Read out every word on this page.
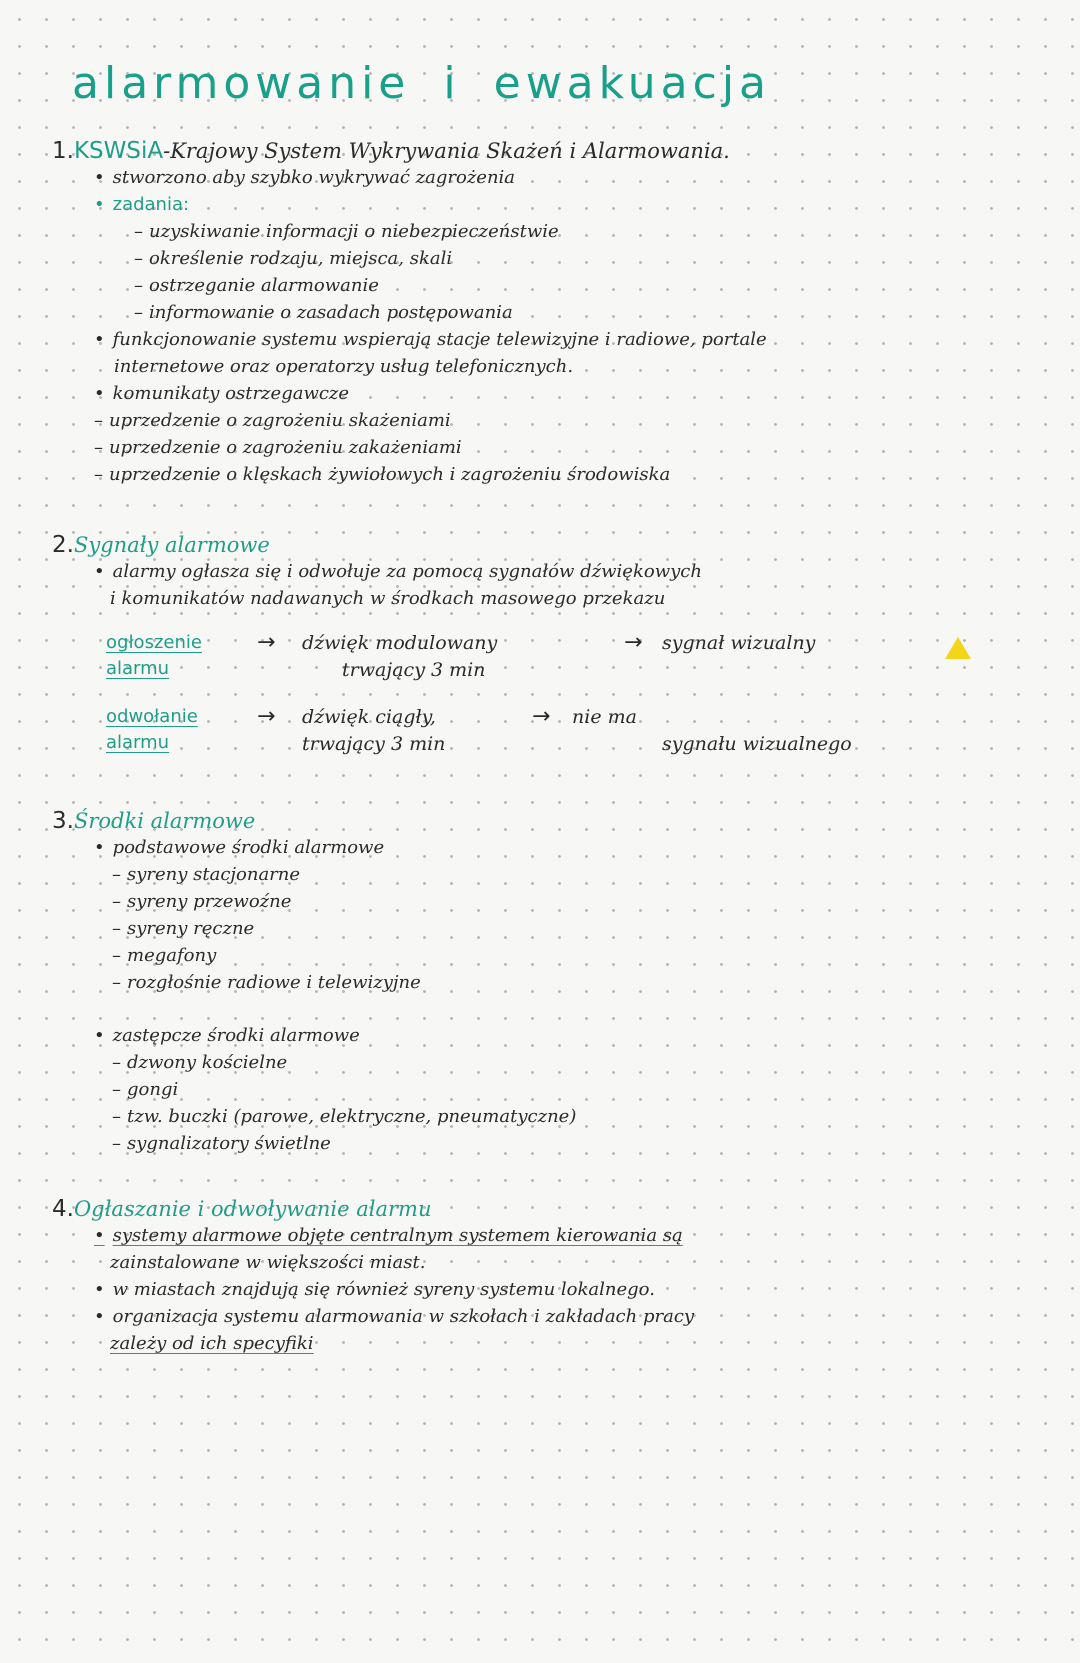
alarmowanie i ewakuacja
1.KSWSiA-Krajowy System Wykrywania Skażeń i Alarmowania.
• stworzono aby szybko wykrywać zagrożenia
• zadania:
– uzyskiwanie informacji o niebezpieczeństwie
– określenie rodzaju, miejsca, skali
– ostrzeganie alarmowanie
– informowanie o zasadach postępowania
• funkcjonowanie systemu wspierają stacje telewizyjne i radiowe, portale
internetowe oraz operatorzy usług telefonicznych.
• komunikaty ostrzegawcze
– uprzedzenie o zagrożeniu skażeniami
– uprzedzenie o zagrożeniu zakażeniami
– uprzedzenie o klęskach żywiołowych i zagrożeniu środowiska
2.Sygnały alarmowe
• alarmy ogłasza się i odwołuje za pomocą sygnałów dźwiękowych
i komunikatów nadawanych w środkach masowego przekazu
ogłoszenie
alarmu
→ dźwięk modulowany
trwający 3 min
→ sygnał wizualny
odwołanie
alarmu
→ dźwięk ciągły,
trwający 3 min
→ nie ma
sygnału wizualnego
3.Środki alarmowe
• podstawowe środki alarmowe
– syreny stacjonarne
– syreny przewoźne
– syreny ręczne
– megafony
– rozgłośnie radiowe i telewizyjne
• zastępcze środki alarmowe
– dzwony kościelne
– gongi
– tzw. buczki (parowe, elektryczne, pneumatyczne)
– sygnalizatory świetlne
4.Ogłaszanie i odwoływanie alarmu
• systemy alarmowe objęte centralnym systemem kierowania są
zainstalowane w większości miast.
• w miastach znajdują się również syreny systemu lokalnego.
• organizacja systemu alarmowania w szkołach i zakładach pracy
zależy od ich specyfiki
